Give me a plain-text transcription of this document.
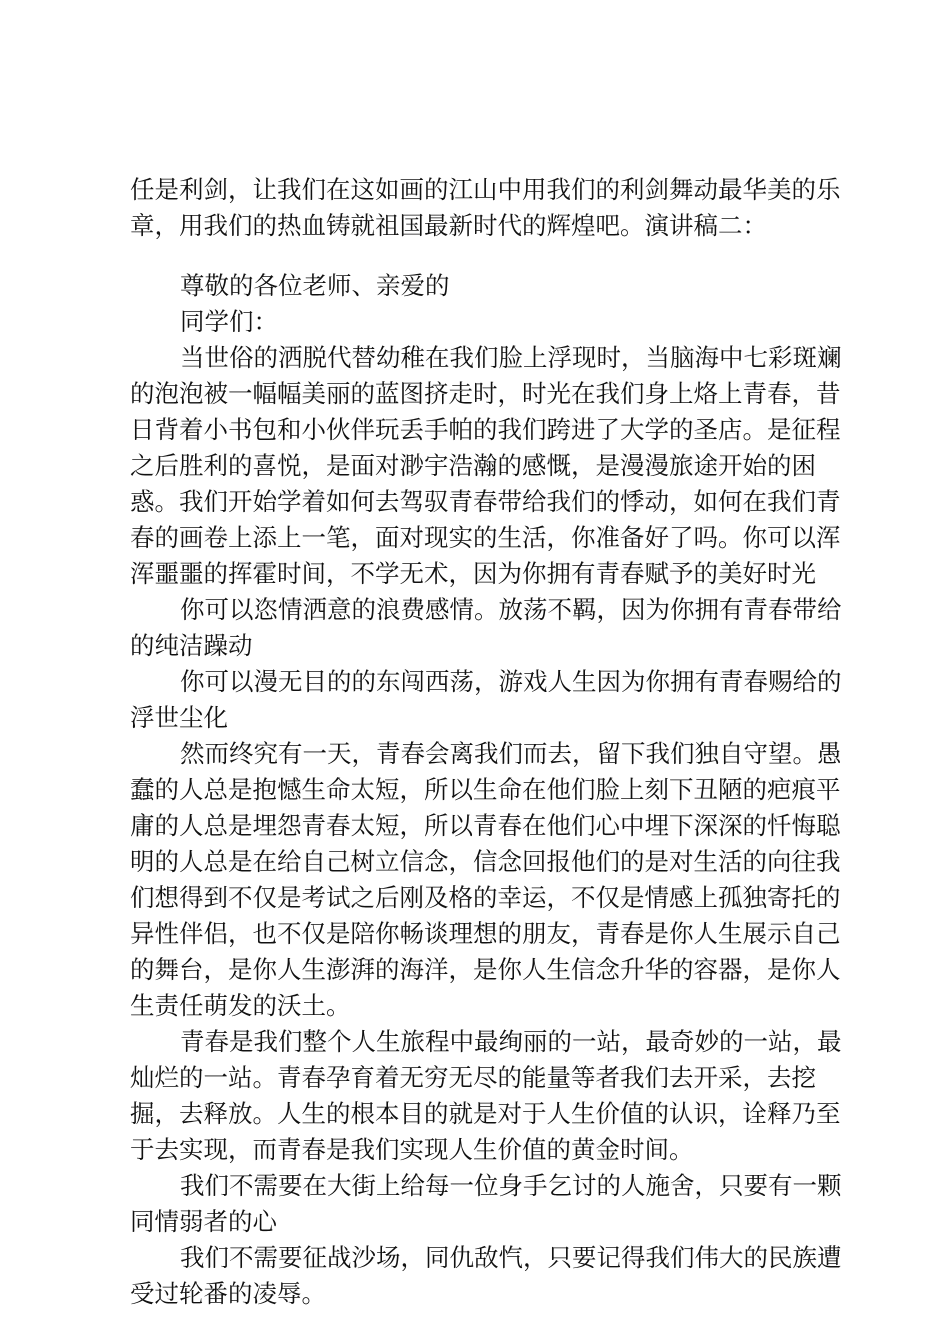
任是利剑，让我们在这如画的江山中用我们的利剑舞动最华美的乐章，用我们的热血铸就祖国最新时代的辉煌吧。演讲稿二：

尊敬的各位老师、亲爱的

同学们：

当世俗的洒脱代替幼稚在我们脸上浮现时，当脑海中七彩斑斓的泡泡被一幅幅美丽的蓝图挤走时，时光在我们身上烙上青春，昔日背着小书包和小伙伴玩丢手帕的我们跨进了大学的圣店。是征程之后胜利的喜悦，是面对渺宇浩瀚的感慨，是漫漫旅途开始的困惑。我们开始学着如何去驾驭青春带给我们的悸动，如何在我们青春的画卷上添上一笔，面对现实的生活，你准备好了吗。你可以浑浑噩噩的挥霍时间，不学无术，因为你拥有青春赋予的美好时光

你可以恣情洒意的浪费感情。放荡不羁，因为你拥有青春带给的纯洁躁动

你可以漫无目的的东闯西荡，游戏人生因为你拥有青春赐给的浮世尘化

然而终究有一天，青春会离我们而去，留下我们独自守望。愚蠢的人总是抱憾生命太短，所以生命在他们脸上刻下丑陋的疤痕平庸的人总是埋怨青春太短，所以青春在他们心中埋下深深的忏悔聪明的人总是在给自己树立信念，信念回报他们的是对生活的向往我们想得到不仅是考试之后刚及格的幸运，不仅是情感上孤独寄托的异性伴侣，也不仅是陪你畅谈理想的朋友，青春是你人生展示自己的舞台，是你人生澎湃的海洋，是你人生信念升华的容器，是你人生责任萌发的沃土。

青春是我们整个人生旅程中最绚丽的一站，最奇妙的一站，最灿烂的一站。青春孕育着无穷无尽的能量等者我们去开采，去挖掘，去释放。人生的根本目的就是对于人生价值的认识，诠释乃至于去实现，而青春是我们实现人生价值的黄金时间。

我们不需要在大街上给每一位身手乞讨的人施舍，只要有一颗同情弱者的心

我们不需要征战沙场，同仇敌忾，只要记得我们伟大的民族遭受过轮番的凌辱。
